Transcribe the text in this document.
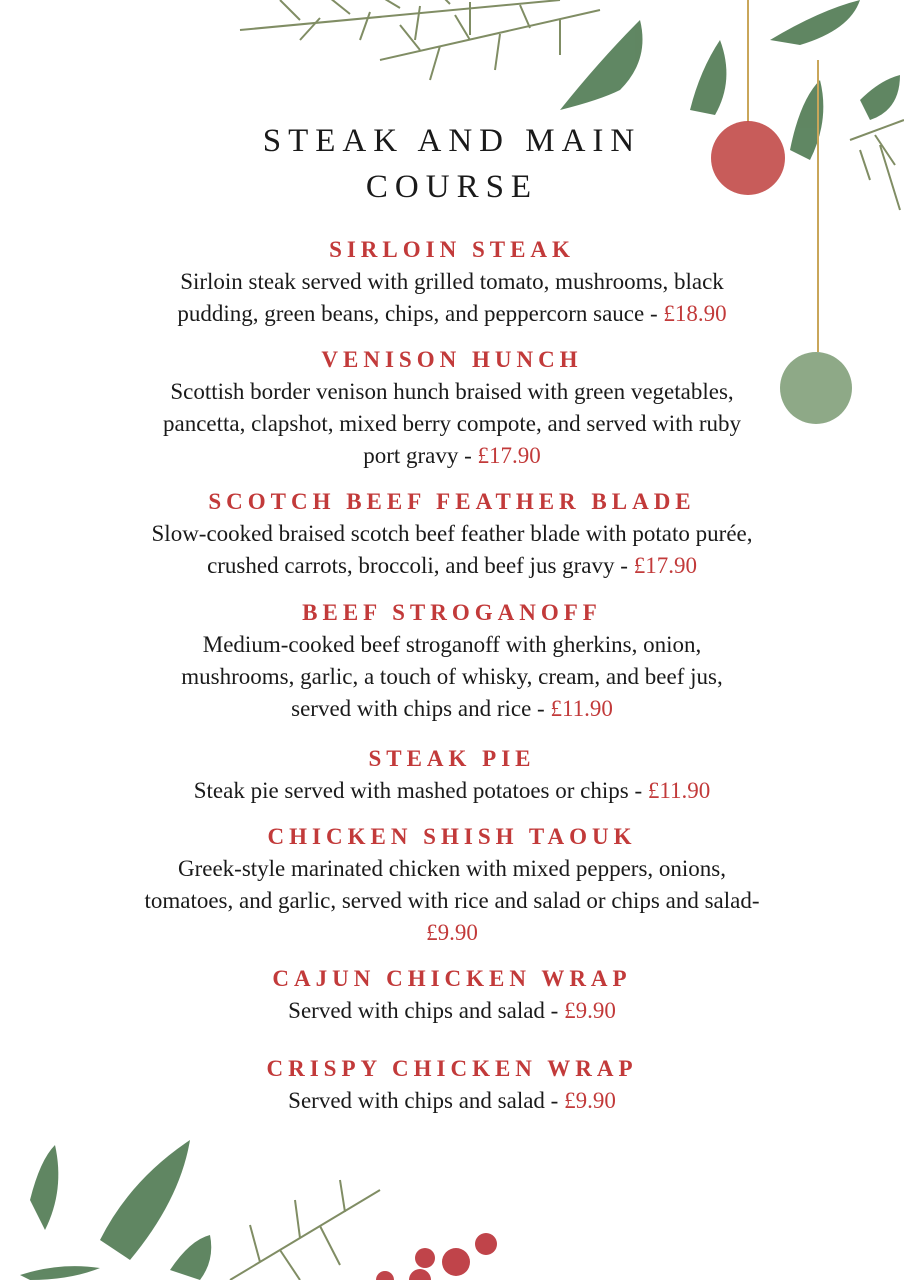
STEAK AND MAIN
COURSE
SIRLOIN STEAK
Sirloin steak served with grilled tomato, mushrooms, black
pudding, green beans, chips, and peppercorn sauce - £18.90
VENISON HUNCH
Scottish border venison hunch braised with green vegetables,
pancetta, clapshot, mixed berry compote, and served with ruby
port gravy - £17.90
SCOTCH BEEF FEATHER BLADE
Slow-cooked braised scotch beef feather blade with potato purée,
crushed carrots, broccoli, and beef jus gravy - £17.90
BEEF STROGANOFF
Medium-cooked beef stroganoff with gherkins, onion,
mushrooms, garlic, a touch of whisky, cream, and beef jus,
served with chips and rice - £11.90
STEAK PIE
Steak pie served with mashed potatoes or chips - £11.90
CHICKEN SHISH TAOUK
Greek-style marinated chicken with mixed peppers, onions,
tomatoes, and garlic, served with rice and salad or chips and salad-
£9.90
CAJUN CHICKEN WRAP
Served with chips and salad - £9.90
CRISPY CHICKEN WRAP
Served with chips and salad - £9.90
